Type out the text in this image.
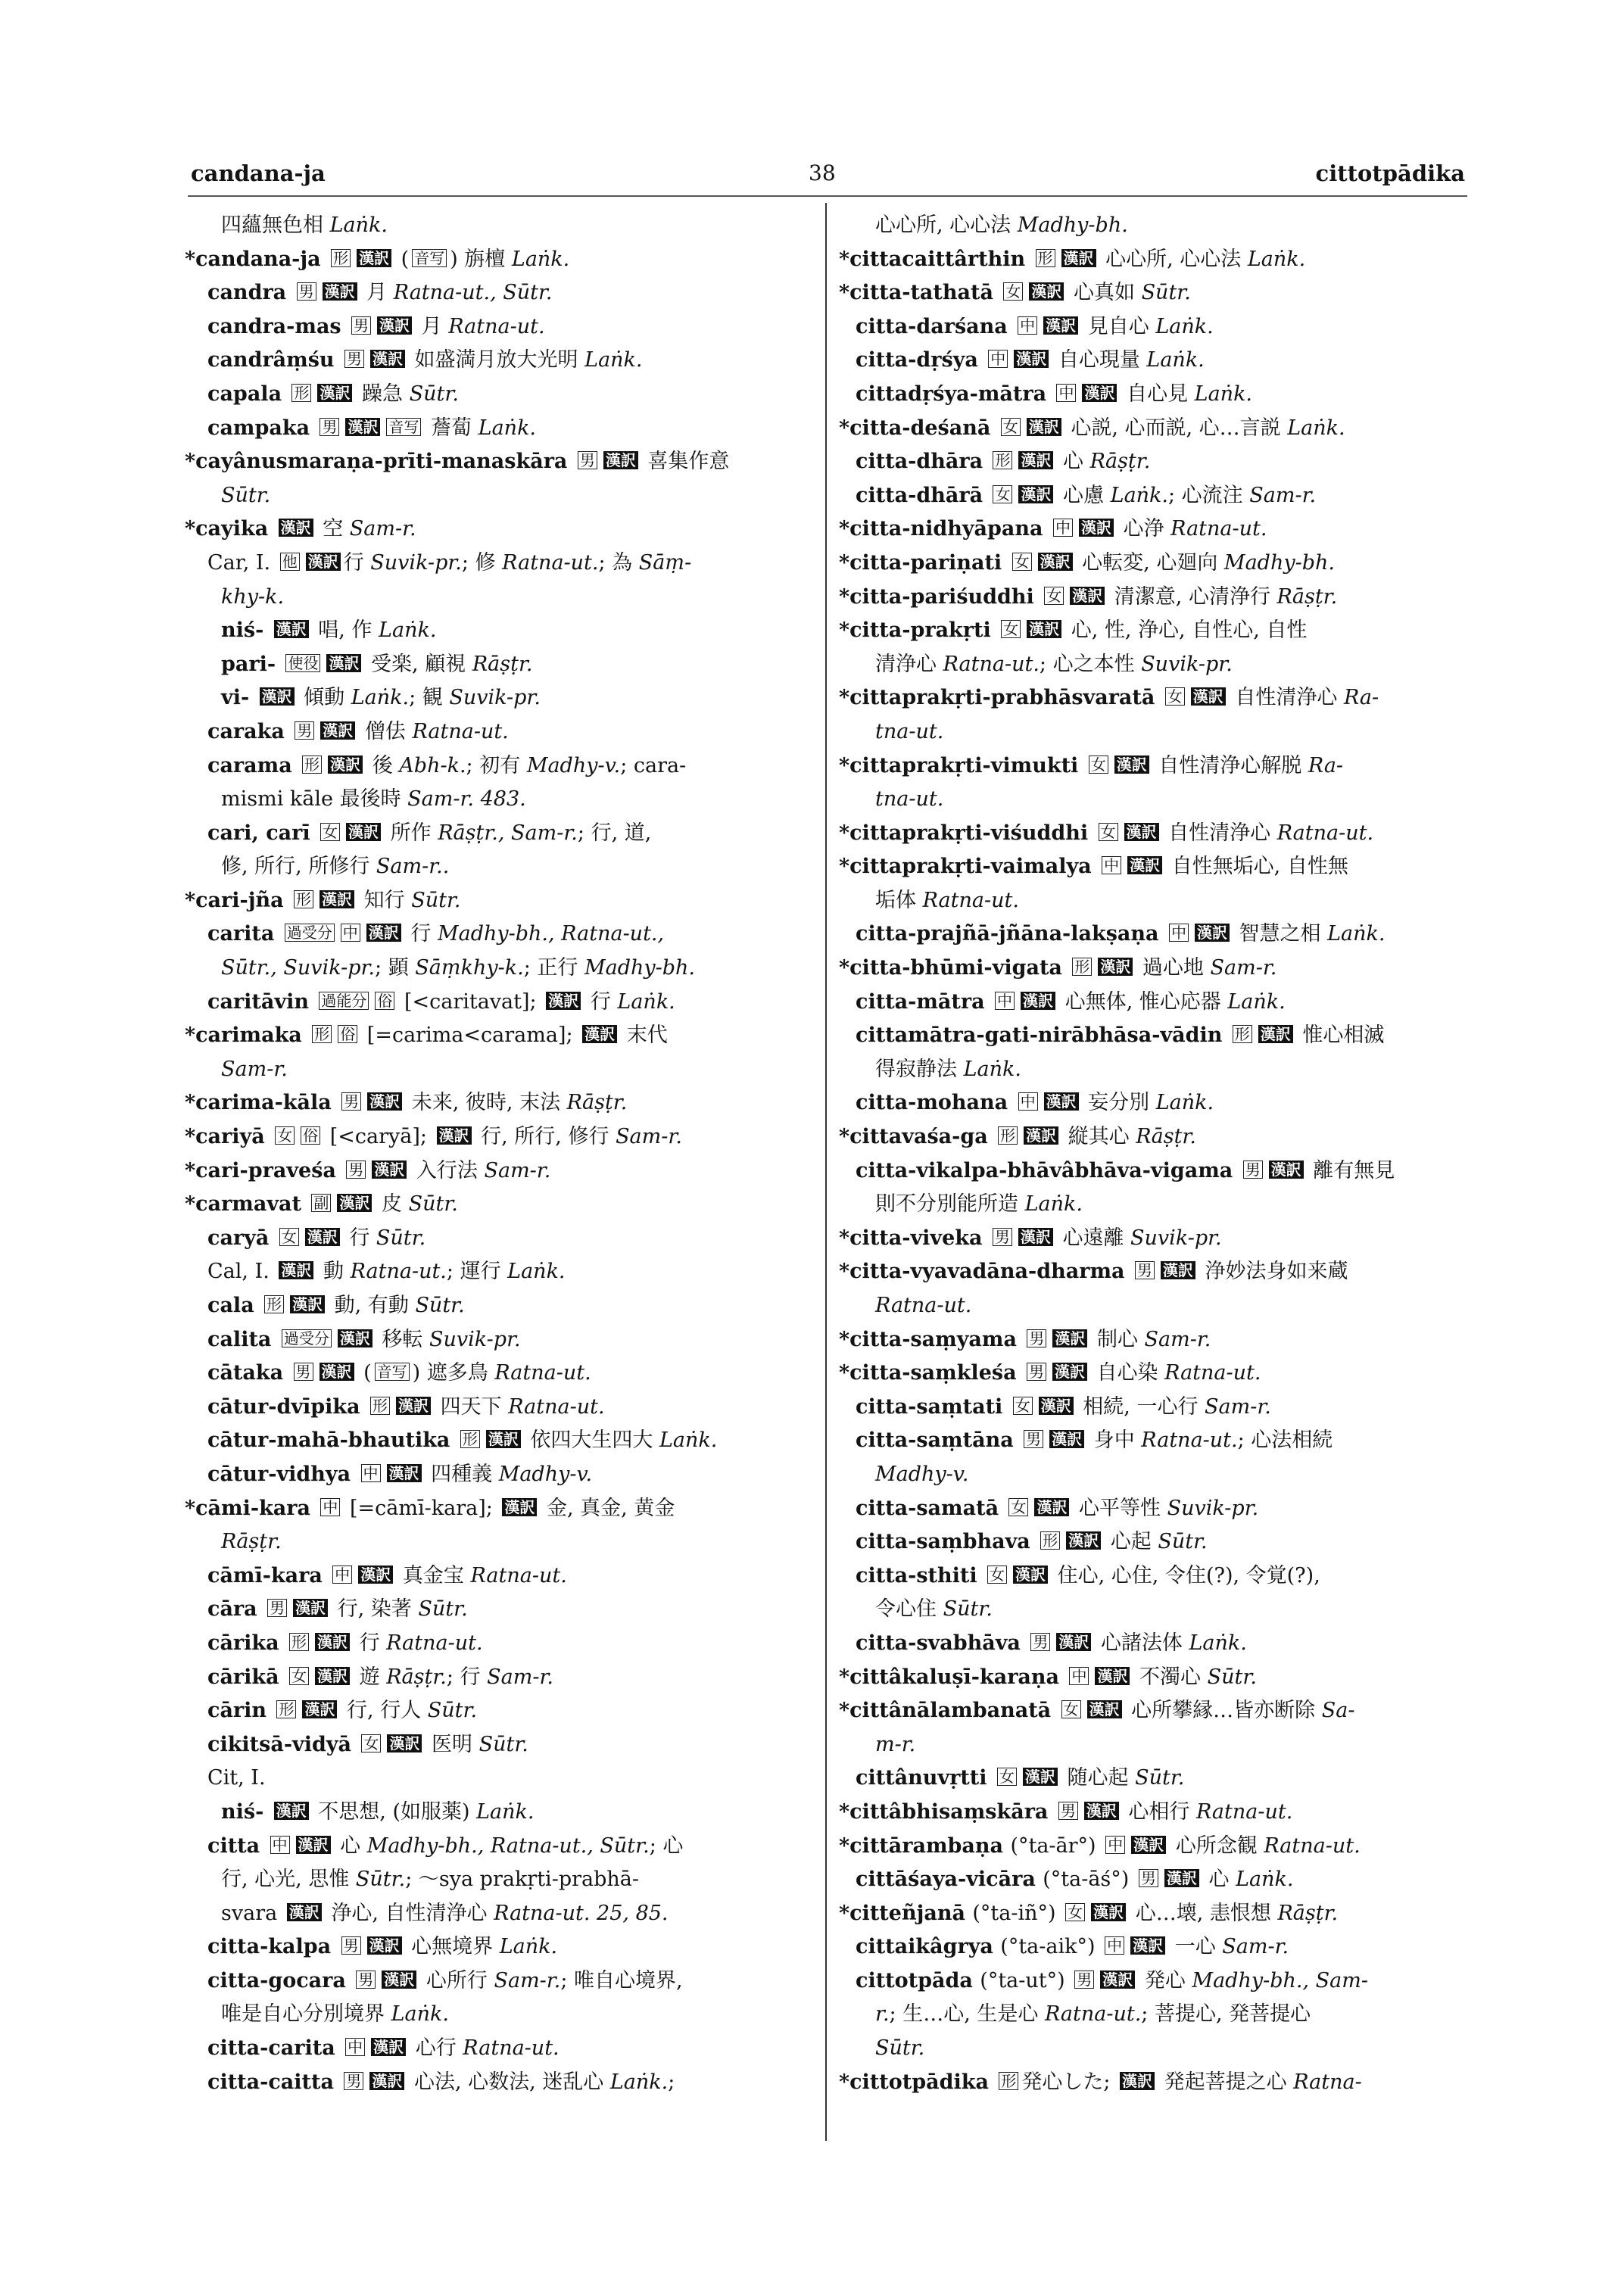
candana-ja	38	cittotpādika
四蘊無色相 Laṅk.
*candana-ja 形 漢訳 ( 音写 ) 旃檀 Laṅk.
candra 男 漢訳 月 Ratna-ut., Sūtr.
candra-mas 男 漢訳 月 Ratna-ut.
candrâṃśu 男 漢訳 如盛満月放大光明 Laṅk.
capala 形 漢訳 躁急 Sūtr.
campaka 男 漢訳 音写 薝蔔 Laṅk.
*cayânusmaraṇa-prīti-manaskāra 男 漢訳 喜集作意
Sūtr.
*cayika 漢訳 空 Sam-r.
Car, I. 他 漢訳 行 Suvik-pr.; 修 Ratna-ut.; 為 Sāṃ-
khy-k.
niś- 漢訳 唱, 作 Laṅk.
pari- 使役 漢訳 受楽, 顧視 Rāṣṭr.
vi- 漢訳 傾動 Laṅk.; 観 Suvik-pr.
caraka 男 漢訳 僧佉 Ratna-ut.
carama 形 漢訳 後 Abh-k.; 初有 Madhy-v.; cara-
mismi kāle 最後時 Sam-r. 483.
cari, carī 女 漢訳 所作 Rāṣṭr., Sam-r.; 行, 道,
修, 所行, 所修行 Sam-r..
*cari-jña 形 漢訳 知行 Sūtr.
carita 過受分 中 漢訳 行 Madhy-bh., Ratna-ut.,
Sūtr., Suvik-pr.; 顕 Sāṃkhy-k.; 正行 Madhy-bh.
caritāvin 過能分 俗 [<caritavat]; 漢訳 行 Laṅk.
*carimaka 形 俗 [=carima<carama]; 漢訳 末代
Sam-r.
*carima-kāla 男 漢訳 未来, 彼時, 末法 Rāṣṭr.
*cariyā 女 俗 [<caryā]; 漢訳 行, 所行, 修行 Sam-r.
*cari-praveśa 男 漢訳 入行法 Sam-r.
*carmavat 副 漢訳 皮 Sūtr.
caryā 女 漢訳 行 Sūtr.
Cal, I. 漢訳 動 Ratna-ut.; 運行 Laṅk.
cala 形 漢訳 動, 有動 Sūtr.
calita 過受分 漢訳 移転 Suvik-pr.
cātaka 男 漢訳 ( 音写 ) 遮多鳥 Ratna-ut.
cātur-dvīpika 形 漢訳 四天下 Ratna-ut.
cātur-mahā-bhautika 形 漢訳 依四大生四大 Laṅk.
cātur-vidhya 中 漢訳 四種義 Madhy-v.
*cāmi-kara 中 [=cāmī-kara]; 漢訳 金, 真金, 黄金
Rāṣṭr.
cāmī-kara 中 漢訳 真金宝 Ratna-ut.
cāra 男 漢訳 行, 染著 Sūtr.
cārika 形 漢訳 行 Ratna-ut.
cārikā 女 漢訳 遊 Rāṣṭr.; 行 Sam-r.
cārin 形 漢訳 行, 行人 Sūtr.
cikitsā-vidyā 女 漢訳 医明 Sūtr.
Cit, I.
niś- 漢訳 不思想, (如服薬) Laṅk.
citta 中 漢訳 心 Madhy-bh., Ratna-ut., Sūtr.; 心
行, 心光, 思惟 Sūtr.; ～sya prakṛti-prabhā-
svara 漢訳 浄心, 自性清浄心 Ratna-ut. 25, 85.
citta-kalpa 男 漢訳 心無境界 Laṅk.
citta-gocara 男 漢訳 心所行 Sam-r.; 唯自心境界,
唯是自心分別境界 Laṅk.
citta-carita 中 漢訳 心行 Ratna-ut.
citta-caitta 男 漢訳 心法, 心数法, 迷乱心 Laṅk.;
心心所, 心心法 Madhy-bh.
*cittacaittârthin 形 漢訳 心心所, 心心法 Laṅk.
*citta-tathatā 女 漢訳 心真如 Sūtr.
citta-darśana 中 漢訳 見自心 Laṅk.
citta-dṛśya 中 漢訳 自心現量 Laṅk.
cittadṛśya-mātra 中 漢訳 自心見 Laṅk.
*citta-deśanā 女 漢訳 心説, 心而説, 心…言説 Laṅk.
citta-dhāra 形 漢訳 心 Rāṣṭr.
citta-dhārā 女 漢訳 心慮 Laṅk.; 心流注 Sam-r.
*citta-nidhyāpana 中 漢訳 心浄 Ratna-ut.
*citta-pariṇati 女 漢訳 心転変, 心廻向 Madhy-bh.
*citta-pariśuddhi 女 漢訳 清潔意, 心清浄行 Rāṣṭr.
*citta-prakṛti 女 漢訳 心, 性, 浄心, 自性心, 自性
清浄心 Ratna-ut.; 心之本性 Suvik-pr.
*cittaprakṛti-prabhāsvaratā 女 漢訳 自性清浄心 Ra-
tna-ut.
*cittaprakṛti-vimukti 女 漢訳 自性清浄心解脱 Ra-
tna-ut.
*cittaprakṛti-viśuddhi 女 漢訳 自性清浄心 Ratna-ut.
*cittaprakṛti-vaimalya 中 漢訳 自性無垢心, 自性無
垢体 Ratna-ut.
citta-prajñā-jñāna-lakṣaṇa 中 漢訳 智慧之相 Laṅk.
*citta-bhūmi-vigata 形 漢訳 過心地 Sam-r.
citta-mātra 中 漢訳 心無体, 惟心応器 Laṅk.
cittamātra-gati-nirābhāsa-vādin 形 漢訳 惟心相滅
得寂静法 Laṅk.
citta-mohana 中 漢訳 妄分別 Laṅk.
*cittavaśa-ga 形 漢訳 縦其心 Rāṣṭr.
citta-vikalpa-bhāvâbhāva-vigama 男 漢訳 離有無見
則不分別能所造 Laṅk.
*citta-viveka 男 漢訳 心遠離 Suvik-pr.
*citta-vyavadāna-dharma 男 漢訳 浄妙法身如来蔵
Ratna-ut.
*citta-saṃyama 男 漢訳 制心 Sam-r.
*citta-saṃkleśa 男 漢訳 自心染 Ratna-ut.
citta-saṃtati 女 漢訳 相続, 一心行 Sam-r.
citta-saṃtāna 男 漢訳 身中 Ratna-ut.; 心法相続
Madhy-v.
citta-samatā 女 漢訳 心平等性 Suvik-pr.
citta-saṃbhava 形 漢訳 心起 Sūtr.
citta-sthiti 女 漢訳 住心, 心住, 令住(?), 令覚(?),
令心住 Sūtr.
citta-svabhāva 男 漢訳 心諸法体 Laṅk.
*cittâkaluṣī-karaṇa 中 漢訳 不濁心 Sūtr.
*cittânālambanatā 女 漢訳 心所攀縁…皆亦断除 Sa-
m-r.
cittânuvṛtti 女 漢訳 随心起 Sūtr.
*cittâbhisaṃskāra 男 漢訳 心相行 Ratna-ut.
*cittārambaṇa (°ta-ār°) 中 漢訳 心所念観 Ratna-ut.
cittāśaya-vicāra (°ta-āś°) 男 漢訳 心 Laṅk.
*citteñjanā (°ta-iñ°) 女 漢訳 心…壊, 恚恨想 Rāṣṭr.
cittaikâgrya (°ta-aik°) 中 漢訳 一心 Sam-r.
cittotpāda (°ta-ut°) 男 漢訳 発心 Madhy-bh., Sam-
r.; 生…心, 生是心 Ratna-ut.; 菩提心, 発菩提心
Sūtr.
*cittotpādika 形 発心した; 漢訳 発起菩提之心 Ratna-
